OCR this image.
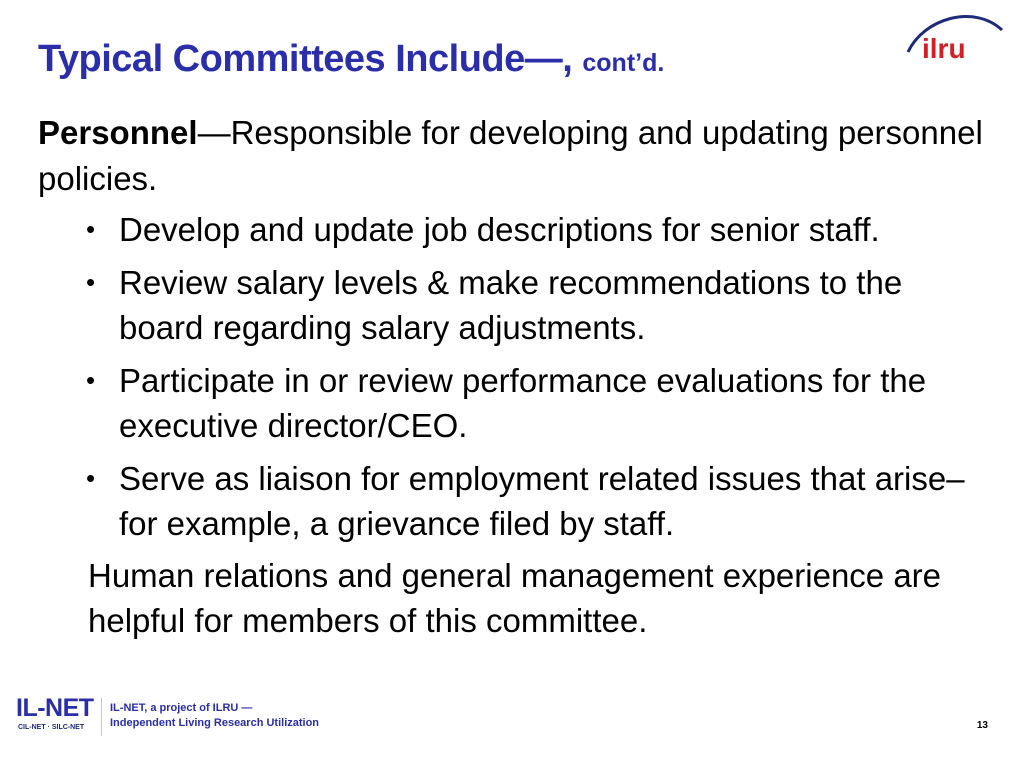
Typical Committees Include—, cont’d.	ilru

Personnel—Responsible for developing and updating personnel policies.

• Develop and update job descriptions for senior staff.
• Review salary levels & make recommendations to the board regarding salary adjustments.
• Participate in or review performance evaluations for the executive director/CEO.
• Serve as liaison for employment related issues that arise–for example, a grievance filed by staff.

Human relations and general management experience are helpful for members of this committee.

IL-NET
CIL-NET · SILC-NET
IL-NET, a project of ILRU —
Independent Living Research Utilization	13
